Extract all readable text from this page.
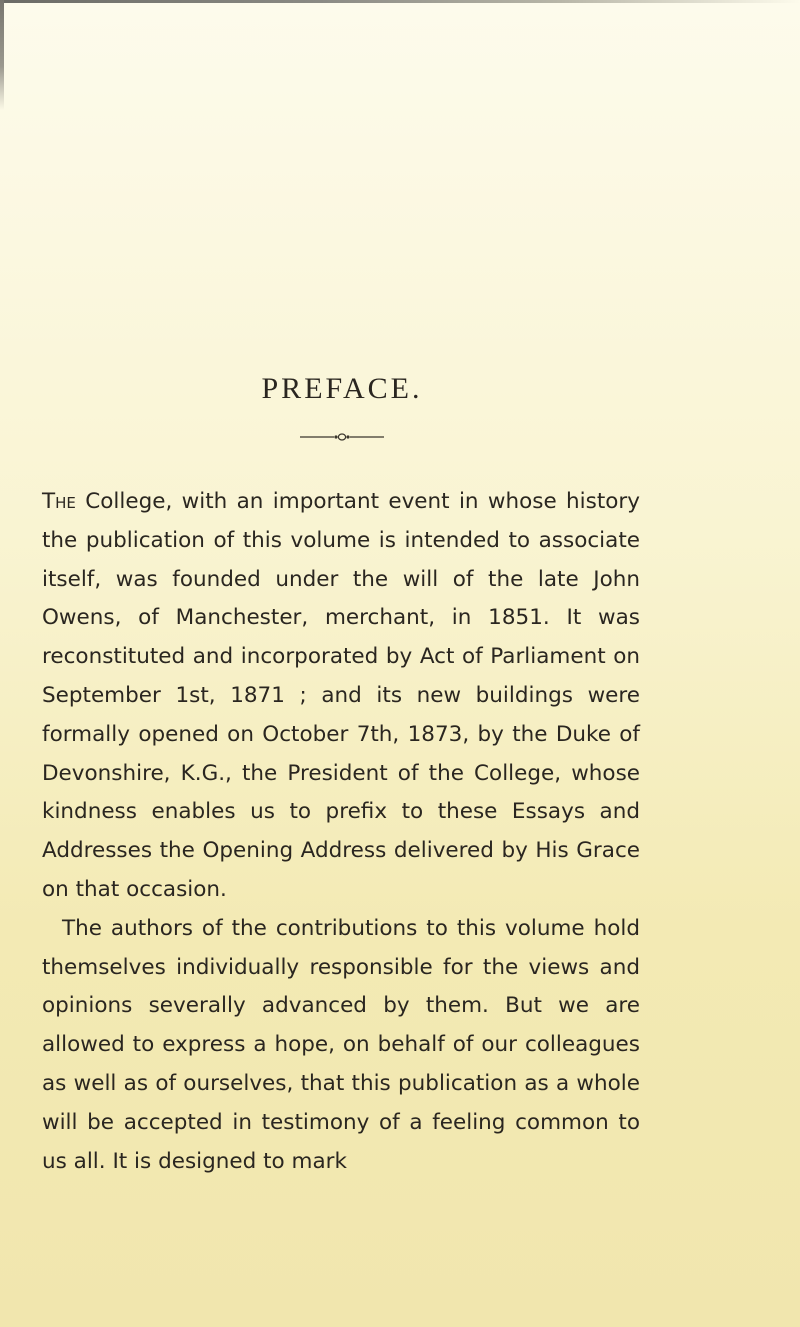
PREFACE.

The College, with an important event in whose history the publication of this volume is intended to associate itself, was founded under the will of the late John Owens, of Manchester, merchant, in 1851. It was reconstituted and incorporated by Act of Parliament on September 1st, 1871 ; and its new buildings were formally opened on October 7th, 1873, by the Duke of Devonshire, K.G., the President of the College, whose kindness enables us to prefix to these Essays and Addresses the Opening Address delivered by His Grace on that occasion.

The authors of the contributions to this volume hold themselves individually responsible for the views and opinions severally advanced by them. But we are allowed to express a hope, on behalf of our colleagues as well as of ourselves, that this publication as a whole will be accepted in testimony of a feeling common to us all. It is designed to mark
